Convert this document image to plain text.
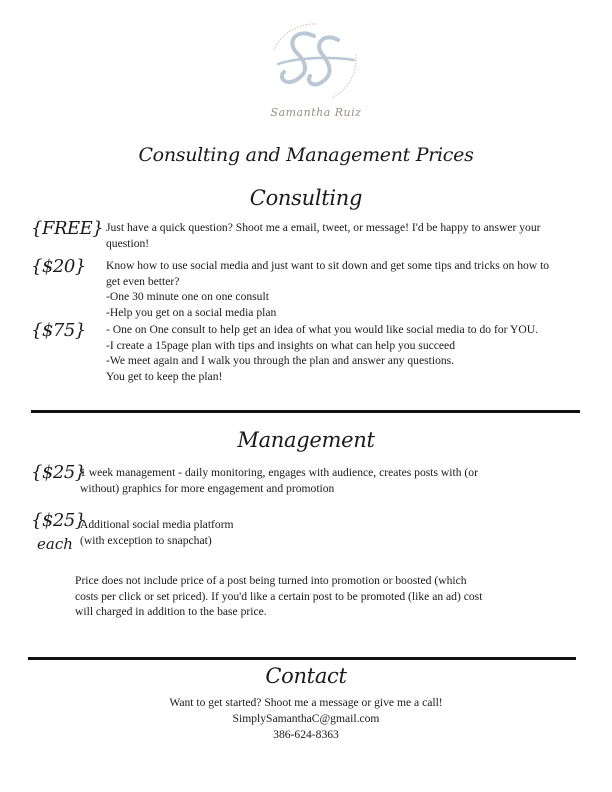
Samantha Ruiz
Consulting and Management Prices
Consulting
{FREE} Just have a quick question? Shoot me a email, tweet, or message! I'd be happy to answer your
question!
{$20} Know how to use social media and just want to sit down and get some tips and tricks on how to
get even better?
-One 30 minute one on one consult
-Help you get on a social media plan
{$75} - One on One consult to help get an idea of what you would like social media to do for YOU.
-I create a 15page plan with tips and insights on what can help you succeed
-We meet again and I walk you through the plan and answer any questions.
You get to keep the plan!
Management
{$25}
1 week management - daily monitoring, engages with audience, creates posts with (or
without) graphics for more engagement and promotion
{$25}
each
Additional social media platform
(with exception to snapchat)
Price does not include price of a post being turned into promotion or boosted (which
costs per click or set priced). If you'd like a certain post to be promoted (like an ad) cost
will charged in addition to the base price.
Contact
Want to get started? Shoot me a message or give me a call!
SimplySamanthaC@gmail.com
386-624-8363
